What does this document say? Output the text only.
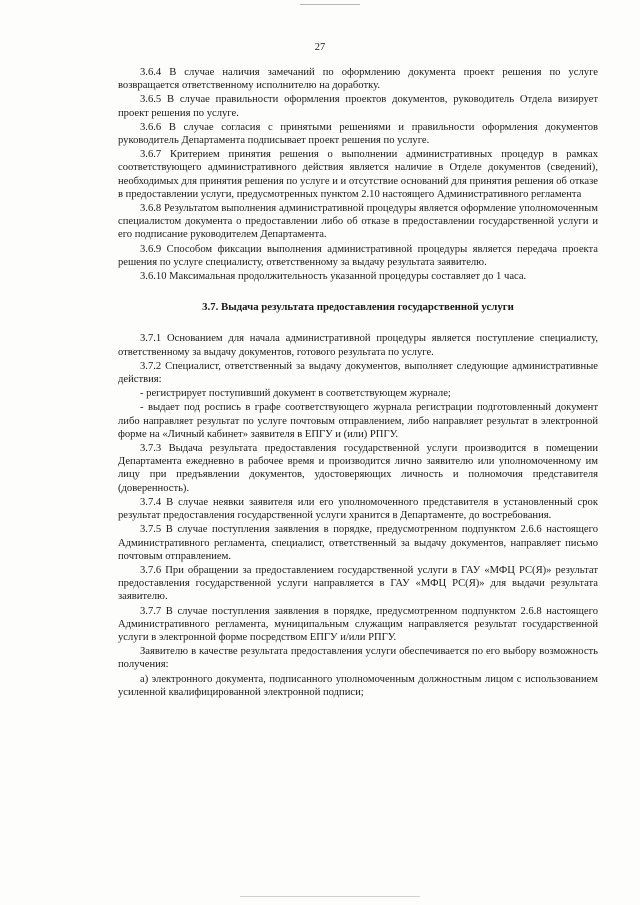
27

3.6.4 В случае наличия замечаний по оформлению документа проект решения по услуге возвращается ответственному исполнителю на доработку.

3.6.5 В случае правильности оформления проектов документов, руководитель Отдела визирует проект решения по услуге.

3.6.6 В случае согласия с принятыми решениями и правильности оформления документов руководитель Департамента подписывает проект решения по услуге.

3.6.7 Критерием принятия решения о выполнении административных процедур в рамках соответствующего административного действия является наличие в Отделе документов (сведений), необходимых для принятия решения по услуге и и отсутствие оснований для принятия решения об отказе в предоставлении услуги, предусмотренных пунктом 2.10 настоящего Административного регламента

3.6.8 Результатом выполнения административной процедуры является оформление уполномоченным специалистом документа о предоставлении либо об отказе в предоставлении государственной услуги и его подписание руководителем Департамента.

3.6.9 Способом фиксации выполнения административной процедуры является передача проекта решения по услуге специалисту, ответственному за выдачу результата заявителю.

3.6.10 Максимальная продолжительность указанной процедуры составляет до 1 часа.

3.7. Выдача результата предоставления государственной услуги

3.7.1 Основанием для начала административной процедуры является поступление специалисту, ответственному за выдачу документов, готового результата по услуге.

3.7.2 Специалист, ответственный за выдачу документов, выполняет следующие административные действия:

- регистрирует поступивший документ в соответствующем журнале;

- выдает под роспись в графе соответствующего журнала регистрации подготовленный документ либо направляет результат по услуге почтовым отправлением, либо направляет результат в электронной форме на «Личный кабинет» заявителя в ЕПГУ и (или) РПГУ.

3.7.3 Выдача результата предоставления государственной услуги производится в помещении Департамента ежедневно в рабочее время и производится лично заявителю или уполномоченному им лицу при предъявлении документов, удостоверяющих личность и полномочия представителя (доверенность).

3.7.4 В случае неявки заявителя или его уполномоченного представителя в установленный срок результат предоставления государственной услуги хранится в Департаменте, до востребования.

3.7.5 В случае поступления заявления в порядке, предусмотренном подпунктом 2.6.6 настоящего Административного регламента, специалист, ответственный за выдачу документов, направляет письмо почтовым отправлением.

3.7.6 При обращении за предоставлением государственной услуги в ГАУ «МФЦ РС(Я)» результат предоставления государственной услуги направляется в ГАУ «МФЦ РС(Я)» для выдачи результата заявителю.

3.7.7 В случае поступления заявления в порядке, предусмотренном подпунктом 2.6.8 настоящего Административного регламента, муниципальным служащим направляется результат государственной услуги в электронной форме посредством ЕПГУ и/или РПГУ.

Заявителю в качестве результата предоставления услуги обеспечивается по его выбору возможность получения:

а) электронного документа, подписанного уполномоченным должностным лицом с использованием усиленной квалифицированной электронной подписи;
